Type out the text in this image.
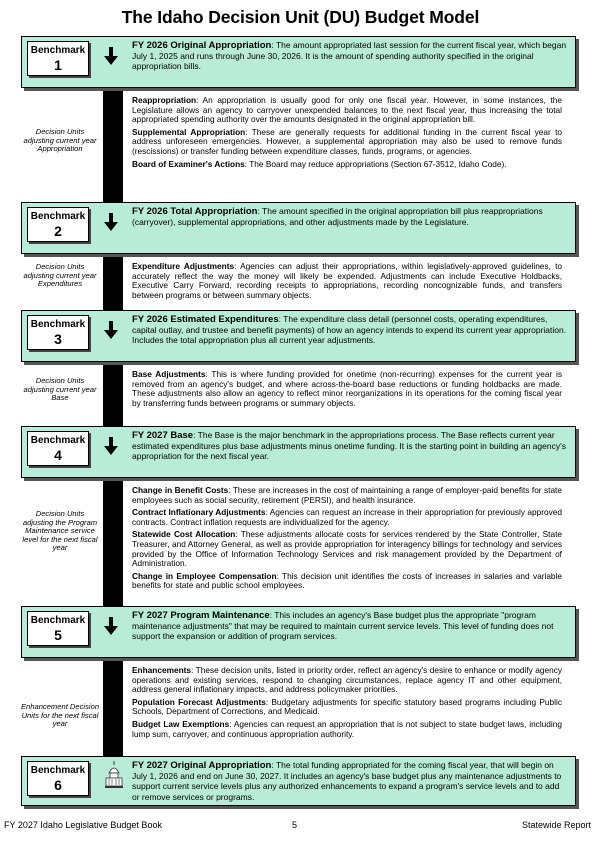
The Idaho Decision Unit (DU) Budget Model
Benchmark
1
FY 2026 Original Appropriation: The amount appropriated last session for the current fiscal year, which began July 1, 2025 and runs through June 30, 2026. It is the amount of spending authority specified in the original appropriation bills.
Decision Units adjusting current year Appropriation

Reappropriation: An appropriation is usually good for only one fiscal year. However, in some instances, the Legislature allows an agency to carryover unexpended balances to the next fiscal year, thus increasing the total appropriated spending authority over the amounts designated in the original appropriation bill.

Supplemental Appropriation: These are generally requests for additional funding in the current fiscal year to address unforeseen emergencies. However, a supplemental appropriation may also be used to remove funds (rescissions) or transfer funding between expenditure classes, funds, programs, or agencies.

Board of Examiner's Actions: The Board may reduce appropriations (Section 67-3512, Idaho Code).

Benchmark
2
FY 2026 Total Appropriation: The amount specified in the original appropriation bill plus reappropriations (carryover), supplemental appropriations, and other adjustments made by the Legislature.
Decision Units adjusting current year Expenditures

Expenditure Adjustments: Agencies can adjust their appropriations, within legislatively-approved guidelines, to accurately reflect the way the money will likely be expended. Adjustments can include Executive Holdbacks, Executive Carry Forward, recording receipts to appropriations, recording noncognizable funds, and transfers between programs or between summary objects.

Benchmark
3
FY 2026 Estimated Expenditures: The expenditure class detail (personnel costs, operating expenditures, capital outlay, and trustee and benefit payments) of how an agency intends to expend its current year appropriation. Includes the total appropriation plus all current year adjustments.
Decision Units adjusting current year Base

Base Adjustments: This is where funding provided for onetime (non-recurring) expenses for the current year is removed from an agency's budget, and where across-the-board base reductions or funding holdbacks are made. These adjustments also allow an agency to reflect minor reorganizations in its operations for the coming fiscal year by transferring funds between programs or summary objects.

Benchmark
4
FY 2027 Base: The Base is the major benchmark in the appropriations process. The Base reflects current year estimated expenditures plus base adjustments minus onetime funding. It is the starting point in building an agency's appropriation for the next fiscal year.
Decision Units adjusting the Program Maintenance service level for the next fiscal year

Change in Benefit Costs: These are increases in the cost of maintaining a range of employer-paid benefits for state employees such as social security, retirement (PERSI), and health insurance.

Contract Inflationary Adjustments: Agencies can request an increase in their appropriation for previously approved contracts. Contract inflation requests are individualized for the agency.

Statewide Cost Allocation: These adjustments allocate costs for services rendered by the State Controller, State Treasurer, and Attorney General, as well as provide appropriation for interagency billings for technology and services provided by the Office of Information Technology Services and risk management provided by the Department of Administration.

Change in Employee Compensation: This decision unit identifies the costs of increases in salaries and variable benefits for state and public school employees.

Benchmark
5
FY 2027 Program Maintenance: This includes an agency's Base budget plus the appropriate "program maintenance adjustments" that may be required to maintain current service levels. This level of funding does not support the expansion or addition of program services.
Enhancement Decision Units for the next fiscal year

Enhancements: These decision units, listed in priority order, reflect an agency's desire to enhance or modify agency operations and existing services, respond to changing circumstances, replace agency IT and other equipment, address general inflationary impacts, and address policymaker priorities.

Population Forecast Adjustments: Budgetary adjustments for specific statutory based programs including Public Schools, Department of Corrections, and Medicaid.

Budget Law Exemptions: Agencies can request an appropriation that is not subject to state budget laws, including lump sum, carryover, and continuous appropriation authority.

Benchmark
6
FY 2027 Original Appropriation: The total funding appropriated for the coming fiscal year, that will begin on July 1, 2026 and end on June 30, 2027. It includes an agency's base budget plus any maintenance adjustments to support current service levels plus any authorized enhancements to expand a program's service levels and to add or remove services or programs.
FY 2027 Idaho Legislative Budget Book	5	Statewide Report
